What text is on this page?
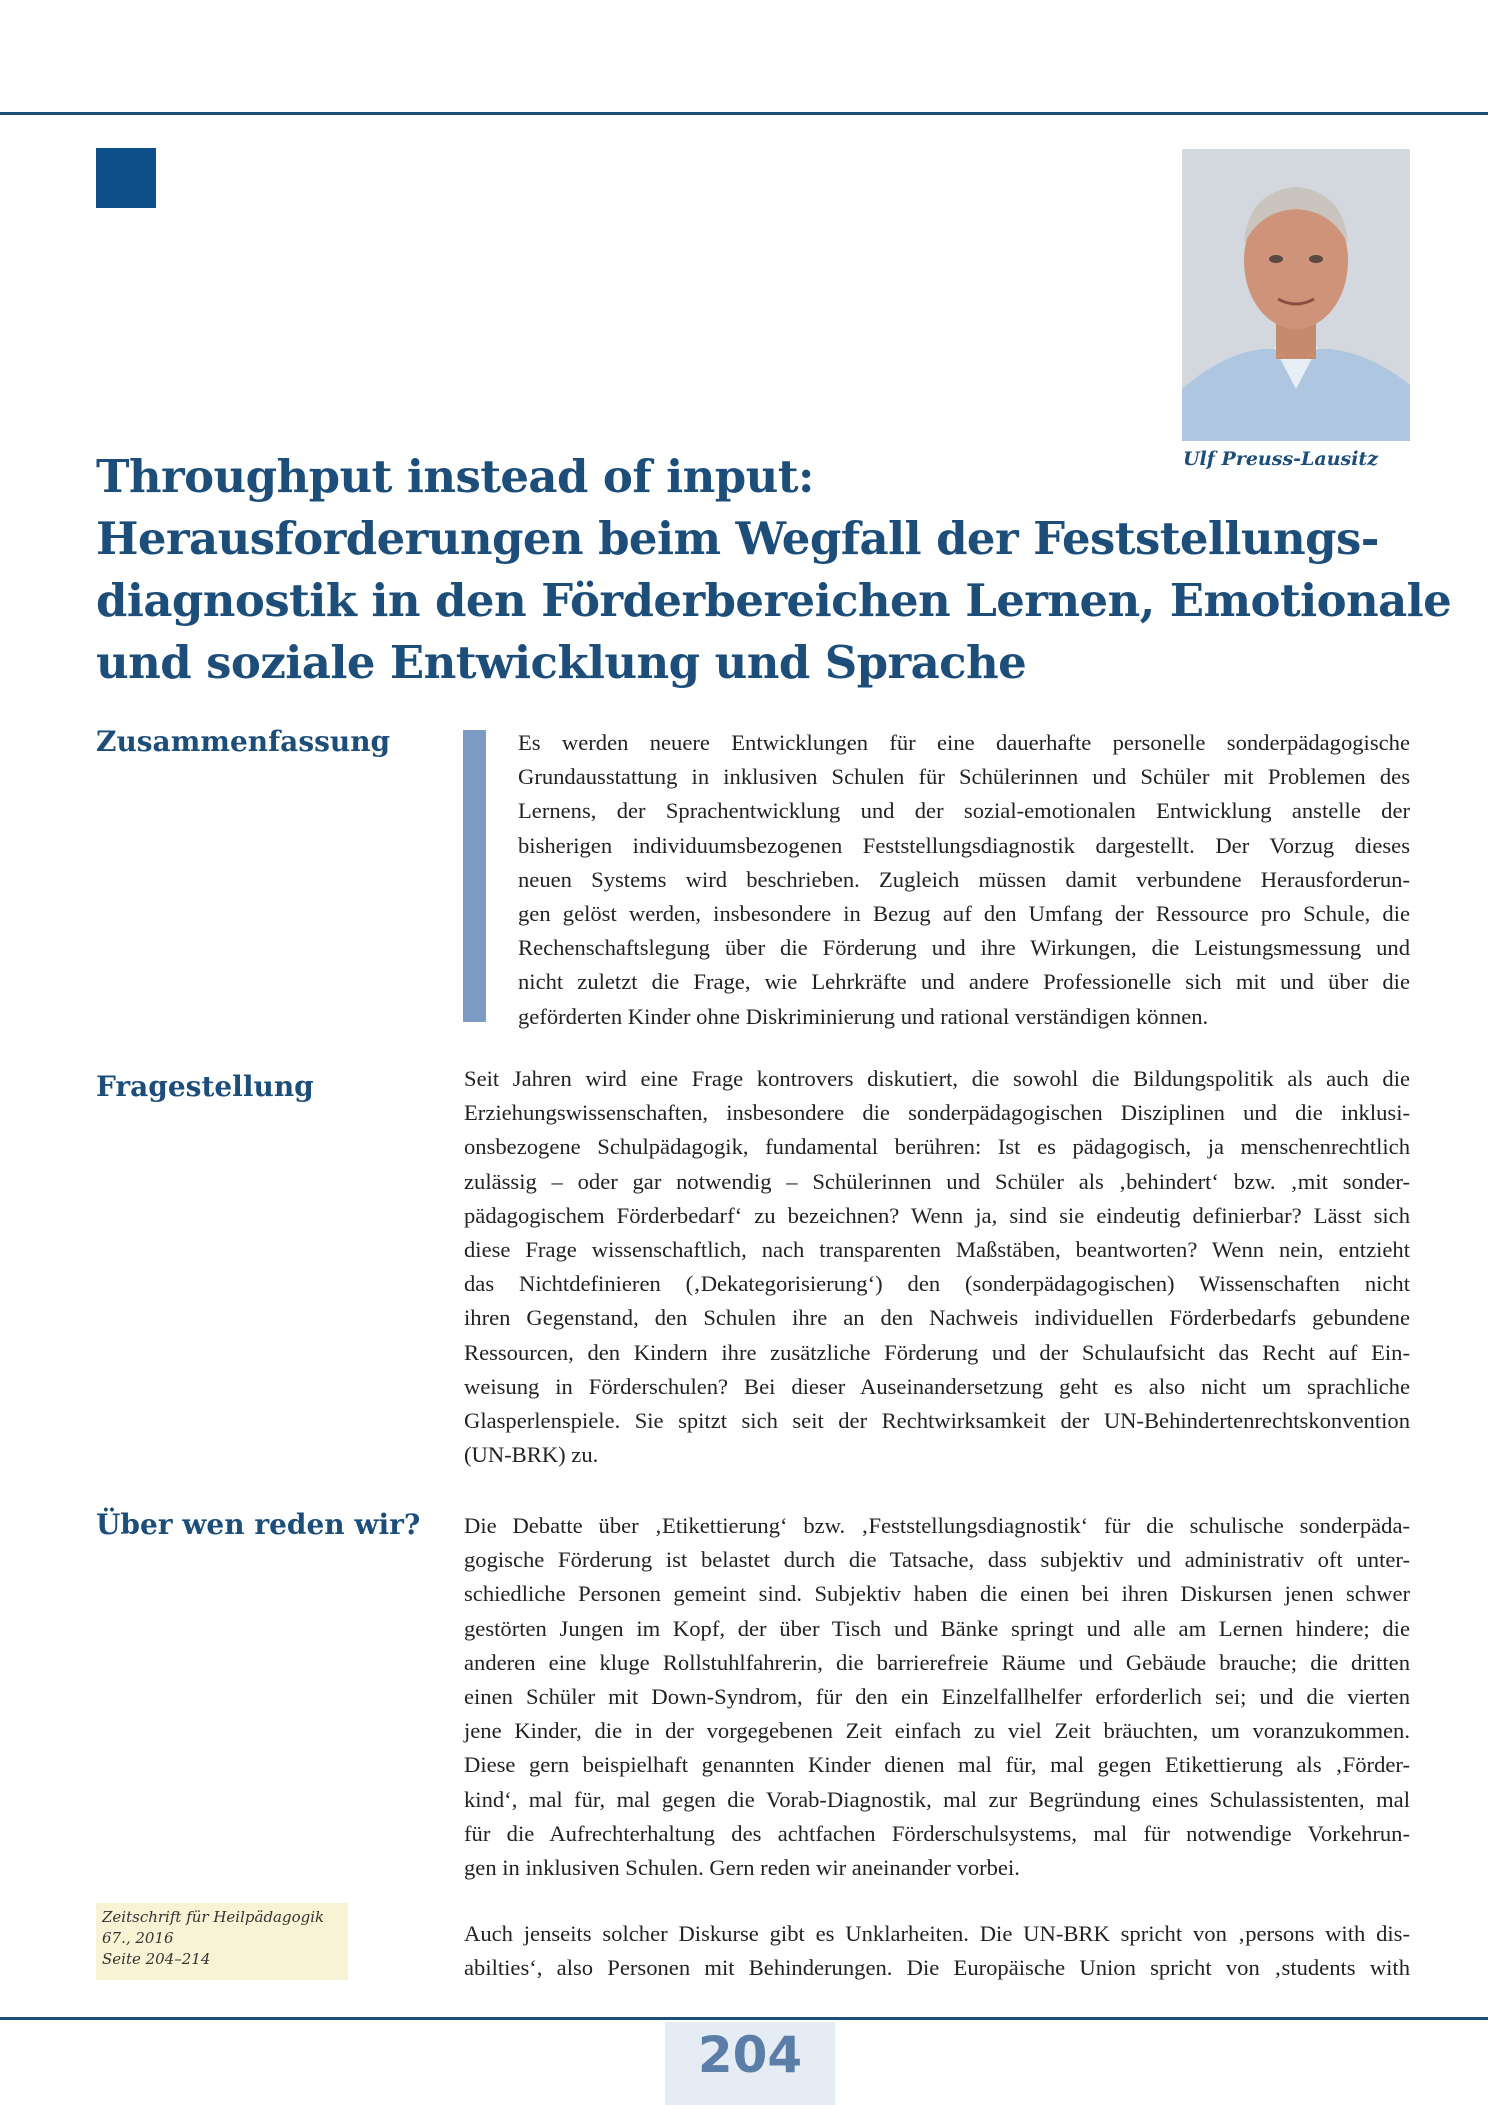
Ulf Preuss-Lausitz
Throughput instead of input:
Herausforderungen beim Wegfall der Feststellungs-
diagnostik in den Förderbereichen Lernen, Emotionale
und soziale Entwicklung und Sprache
Zusammenfassung	Es werden neuere Entwicklungen für eine dauerhafte personelle sonderpädagogische
Grundausstattung in inklusiven Schulen für Schülerinnen und Schüler mit Problemen des
Lernens, der Sprachentwicklung und der sozial-emotionalen Entwicklung anstelle der
bisherigen individuumsbezogenen Feststellungsdiagnostik dargestellt. Der Vorzug dieses
neuen Systems wird beschrieben. Zugleich müssen damit verbundene Herausforderun-
gen gelöst werden, insbesondere in Bezug auf den Umfang der Ressource pro Schule, die
Rechenschaftslegung über die Förderung und ihre Wirkungen, die Leistungsmessung und
nicht zuletzt die Frage, wie Lehrkräfte und andere Professionelle sich mit und über die
geförderten Kinder ohne Diskriminierung und rational verständigen können.
Fragestellung	Seit Jahren wird eine Frage kontrovers diskutiert, die sowohl die Bildungspolitik als auch die
Erziehungswissenschaften, insbesondere die sonderpädagogischen Disziplinen und die inklusi-
onsbezogene Schulpädagogik, fundamental berühren: Ist es pädagogisch, ja menschenrechtlich
zulässig – oder gar notwendig – Schülerinnen und Schüler als ‚behindert‘ bzw. ‚mit sonder-
pädagogischem Förderbedarf‘ zu bezeichnen? Wenn ja, sind sie eindeutig definierbar? Lässt sich
diese Frage wissenschaftlich, nach transparenten Maßstäben, beantworten? Wenn nein, entzieht
das Nichtdefinieren (‚Dekategorisierung‘) den (sonderpädagogischen) Wissenschaften nicht
ihren Gegenstand, den Schulen ihre an den Nachweis individuellen Förderbedarfs gebundene
Ressourcen, den Kindern ihre zusätzliche Förderung und der Schulaufsicht das Recht auf Ein-
weisung in Förderschulen? Bei dieser Auseinandersetzung geht es also nicht um sprachliche
Glasperlenspiele. Sie spitzt sich seit der Rechtwirksamkeit der UN-Behindertenrechtskonvention
(UN-BRK) zu.
Über wen reden wir? Die Debatte über ‚Etikettierung‘ bzw. ‚Feststellungsdiagnostik‘ für die schulische sonderpäda-
gogische Förderung ist belastet durch die Tatsache, dass subjektiv und administrativ oft unter-
schiedliche Personen gemeint sind. Subjektiv haben die einen bei ihren Diskursen jenen schwer
gestörten Jungen im Kopf, der über Tisch und Bänke springt und alle am Lernen hindere; die
anderen eine kluge Rollstuhlfahrerin, die barrierefreie Räume und Gebäude brauche; die dritten
einen Schüler mit Down-Syndrom, für den ein Einzelfallhelfer erforderlich sei; und die vierten
jene Kinder, die in der vorgegebenen Zeit einfach zu viel Zeit bräuchten, um voranzukommen.
Diese gern beispielhaft genannten Kinder dienen mal für, mal gegen Etikettierung als ‚Förder-
kind‘, mal für, mal gegen die Vorab-Diagnostik, mal zur Begründung eines Schulassistenten, mal
für die Aufrechterhaltung des achtfachen Förderschulsystems, mal für notwendige Vorkehrun-
gen in inklusiven Schulen. Gern reden wir aneinander vorbei.
Auch jenseits solcher Diskurse gibt es Unklarheiten. Die UN-BRK spricht von ‚persons with dis-
abilties‘, also Personen mit Behinderungen. Die Europäische Union spricht von ‚students with
Zeitschrift für Heilpädagogik
67., 2016
Seite 204–214
204
